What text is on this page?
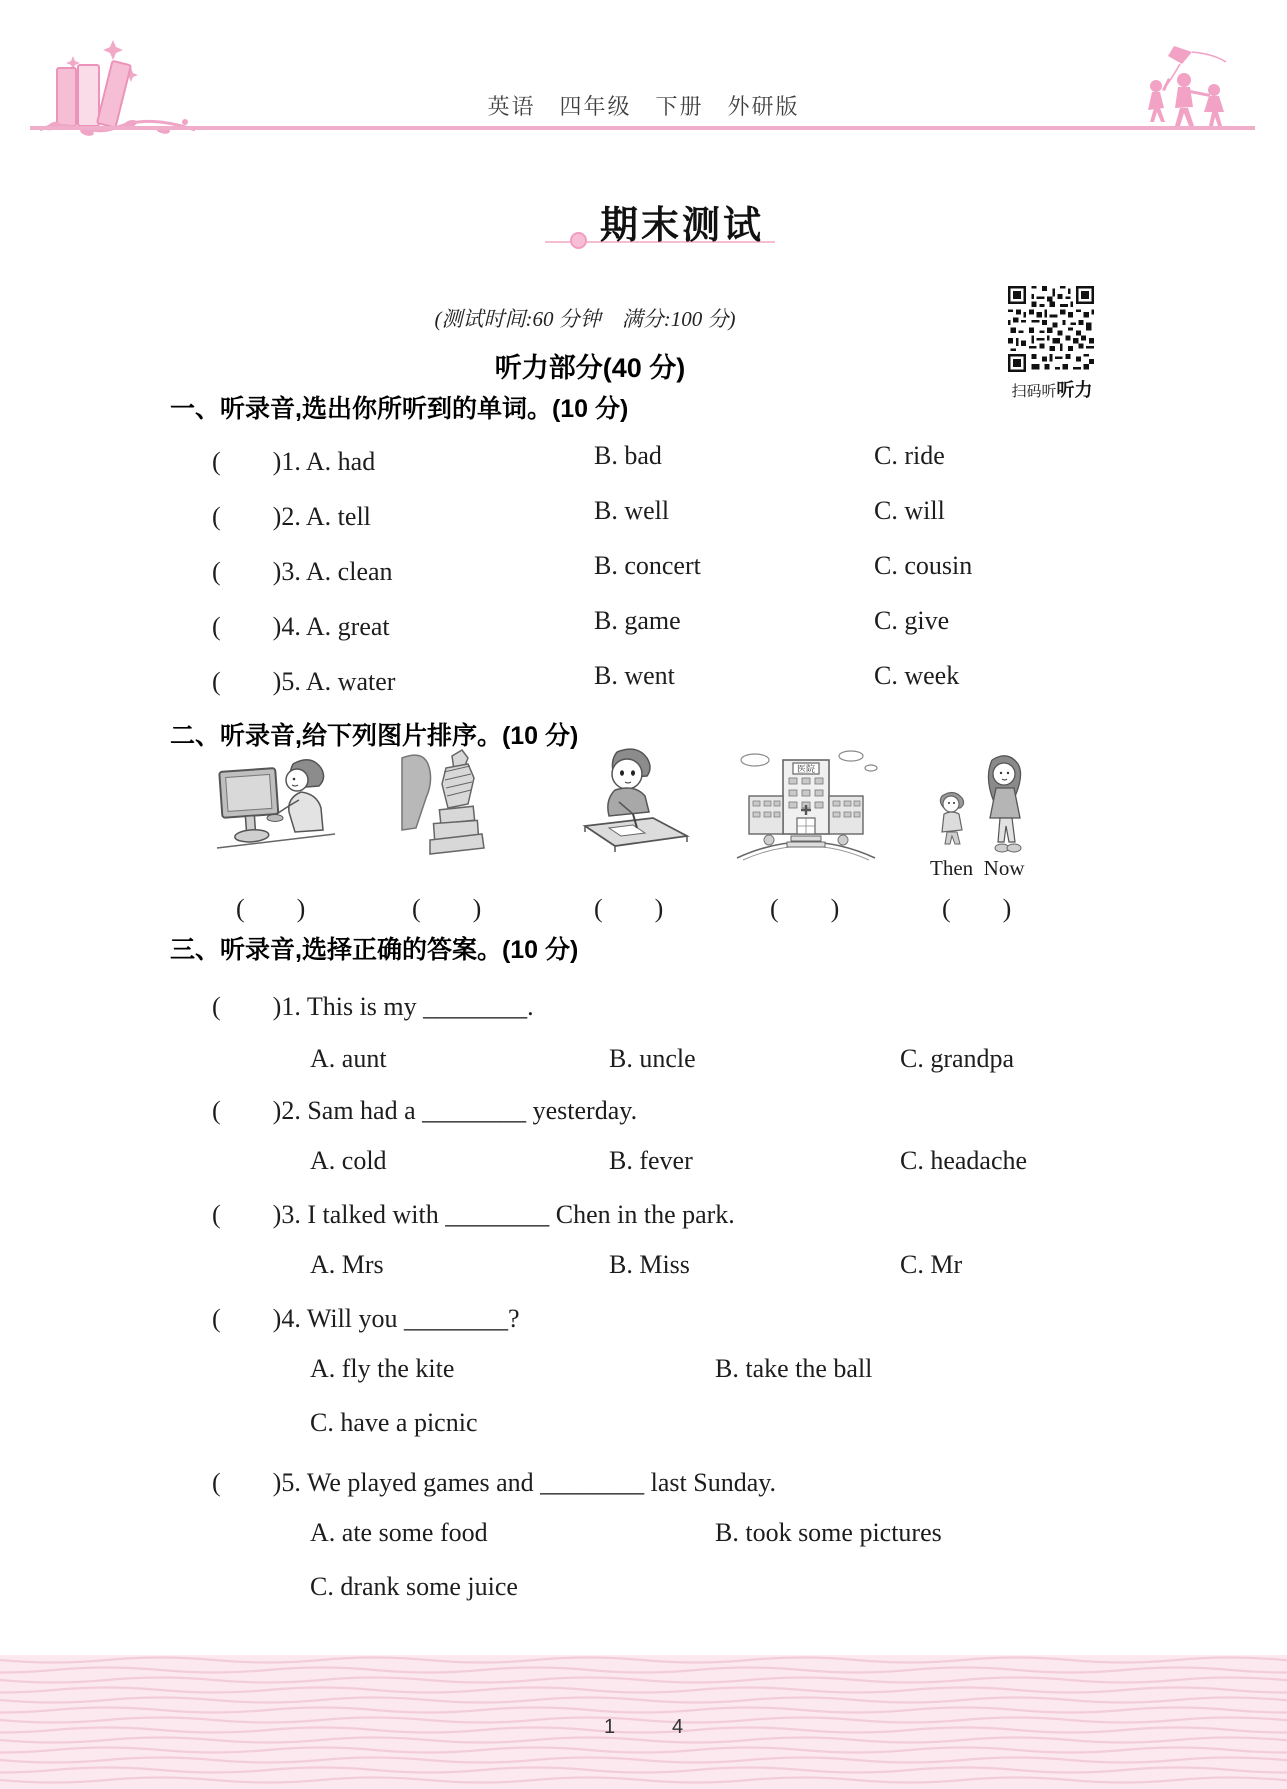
英语　四年级　下册　外研版
期末测试
(测试时间:60 分钟　满分:100 分)
扫码听听力
听力部分(40 分)
一、听录音,选出你所听到的单词。(10 分)
(　　)1. A. had	B. bad	C. ride
(　　)2. A. tell	B. well	C. will
(　　)3. A. clean	B. concert	C. cousin
(　　)4. A. great	B. game	C. give
(　　)5. A. water	B. went	C. week
二、听录音,给下列图片排序。(10 分)
医院
Then Now
(　　)	(　　)	(　　)	(　　)	(　　)
三、听录音,选择正确的答案。(10 分)
(　　)1. This is my ________.
A. aunt	B. uncle	C. grandpa
(　　)2. Sam had a ________ yesterday.
A. cold	B. fever	C. headache
(　　)3. I talked with ________ Chen in the park.
A. Mrs	B. Miss	C. Mr
(　　)4. Will you ________?
A. fly the kite	B. take the ball
C. have a picnic
(　　)5. We played games and ________ last Sunday.
A. ate some food	B. took some pictures
C. drank some juice
1	4
